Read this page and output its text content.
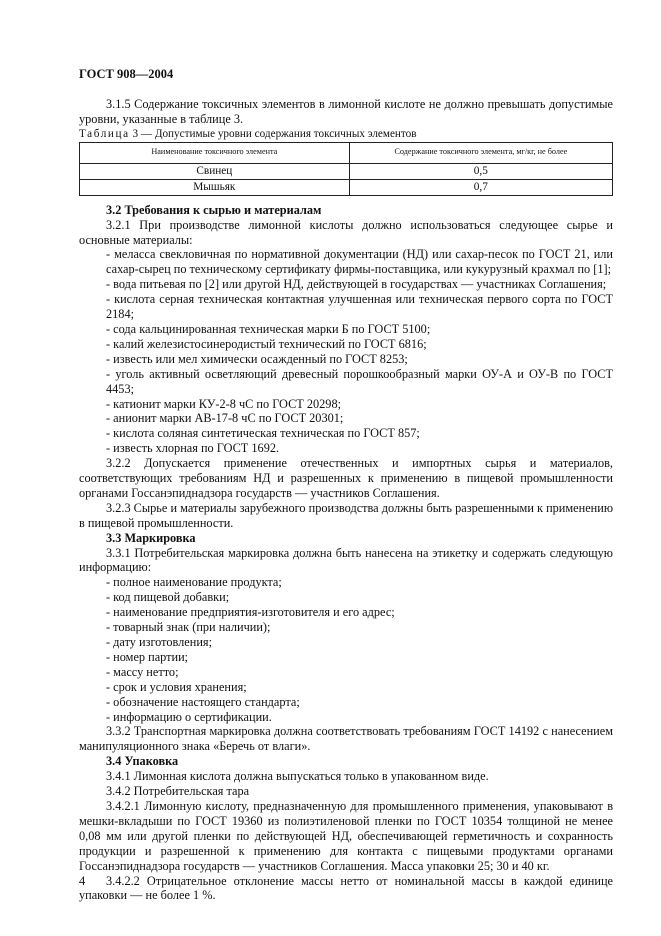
ГОСТ 908—2004

3.1.5 Содержание токсичных элементов в лимонной кислоте не должно превышать допустимые уровни, указанные в таблице 3.

Таблица 3 — Допустимые уровни содержания токсичных элементов

Наименование токсичного элемента	Содержание токсичного элемента, мг/кг, не более
Свинец	0,5
Мышьяк	0,7

3.2 Требования к сырью и материалам

3.2.1 При производстве лимонной кислоты должно использоваться следующее сырье и основные материалы:

- меласса свекловичная по нормативной документации (НД) или сахар-песок по ГОСТ 21, или сахар-сырец по техническому сертификату фирмы-поставщика, или кукурузный крахмал по [1];

- вода питьевая по [2] или другой НД, действующей в государствах — участниках Соглашения;

- кислота серная техническая контактная улучшенная или техническая первого сорта по ГОСТ 2184;

- сода кальцинированная техническая марки Б по ГОСТ 5100;

- калий железистосинеродистый технический по ГОСТ 6816;

- известь или мел химически осажденный по ГОСТ 8253;

- уголь активный осветляющий древесный порошкообразный марки ОУ-А и ОУ-В по ГОСТ 4453;

- катионит марки КУ-2-8 чС по ГОСТ 20298;

- анионит марки АВ-17-8 чС по ГОСТ 20301;

- кислота соляная синтетическая техническая по ГОСТ 857;

- известь хлорная по ГОСТ 1692.

3.2.2 Допускается применение отечественных и импортных сырья и материалов, соответствующих требованиям НД и разрешенных к применению в пищевой промышленности органами Госсанэпиднадзора государств — участников Соглашения.

3.2.3 Сырье и материалы зарубежного производства должны быть разрешенными к применению в пищевой промышленности.

3.3 Маркировка

3.3.1 Потребительская маркировка должна быть нанесена на этикетку и содержать следующую информацию:

- полное наименование продукта;

- код пищевой добавки;

- наименование предприятия-изготовителя и его адрес;

- товарный знак (при наличии);

- дату изготовления;

- номер партии;

- массу нетто;

- срок и условия хранения;

- обозначение настоящего стандарта;

- информацию о сертификации.

3.3.2 Транспортная маркировка должна соответствовать требованиям ГОСТ 14192 с нанесением манипуляционного знака «Беречь от влаги».

3.4 Упаковка

3.4.1 Лимонная кислота должна выпускаться только в упакованном виде.

3.4.2 Потребительская тара

3.4.2.1 Лимонную кислоту, предназначенную для промышленного применения, упаковывают в мешки-вкладыши по ГОСТ 19360 из полиэтиленовой пленки по ГОСТ 10354 толщиной не менее 0,08 мм или другой пленки по действующей НД, обеспечивающей герметичность и сохранность продукции и разрешенной к применению для контакта с пищевыми продуктами органами Госсанэпиднадзора государств — участников Соглашения. Масса упаковки 25; 30 и 40 кг.

3.4.2.2 Отрицательное отклонение массы нетто от номинальной массы в каждой единице упаковки — не более 1 %.

4
